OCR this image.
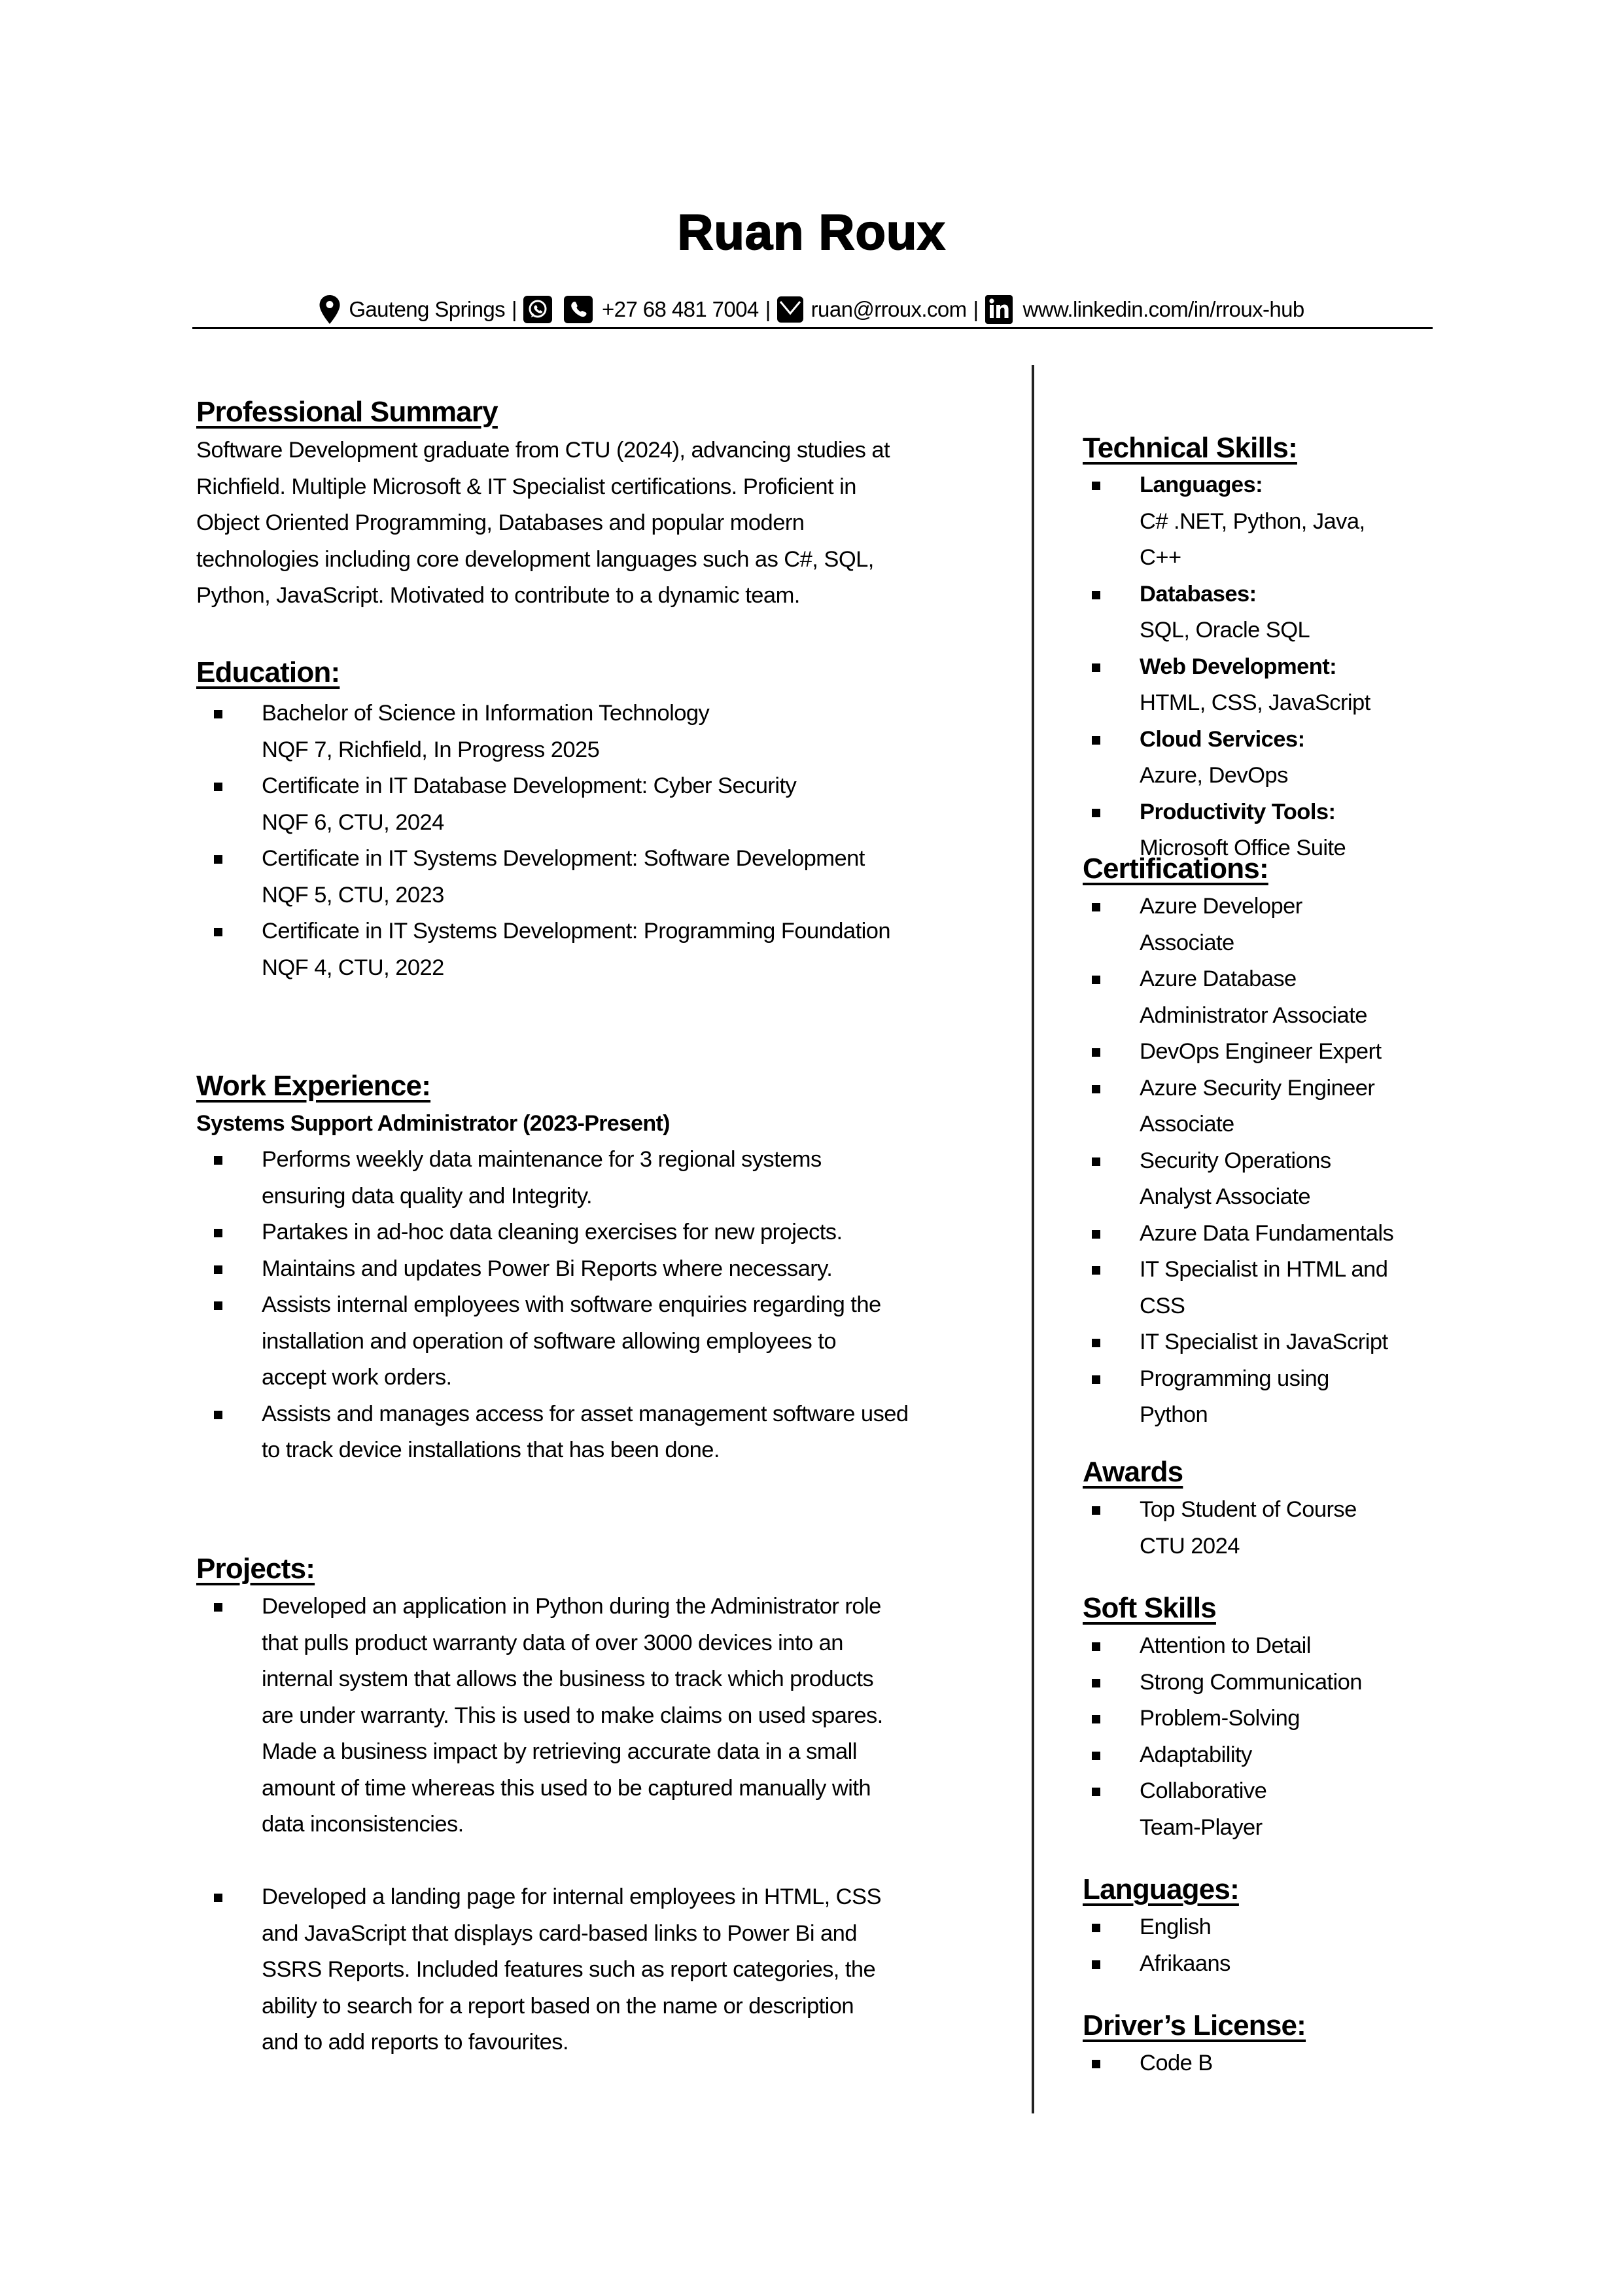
Ruan Roux
Gauteng Springs |	+27 68 481 7004 | ruan@rroux.com | www.linkedin.com/in/rroux-hub
Professional Summary
Software Development graduate from CTU (2024), advancing studies at
Richfield. Multiple Microsoft & IT Specialist certifications. Proficient in
Object Oriented Programming, Databases and popular modern
technologies including core development languages such as C#, SQL,
Python, JavaScript. Motivated to contribute to a dynamic team.
Education:
Bachelor of Science in Information Technology
NQF 7, Richfield, In Progress 2025
Certificate in IT Database Development: Cyber Security
NQF 6, CTU, 2024
Certificate in IT Systems Development: Software Development
NQF 5, CTU, 2023
Certificate in IT Systems Development: Programming Foundation
NQF 4, CTU, 2022
Work Experience:
Systems Support Administrator (2023-Present)
Performs weekly data maintenance for 3 regional systems
ensuring data quality and Integrity.
Partakes in ad-hoc data cleaning exercises for new projects.
Maintains and updates Power Bi Reports where necessary.
Assists internal employees with software enquiries regarding the
installation and operation of software allowing employees to
accept work orders.
Assists and manages access for asset management software used
to track device installations that has been done.
Projects:
Developed an application in Python during the Administrator role
that pulls product warranty data of over 3000 devices into an
internal system that allows the business to track which products
are under warranty. This is used to make claims on used spares.
Made a business impact by retrieving accurate data in a small
amount of time whereas this used to be captured manually with
data inconsistencies.
Developed a landing page for internal employees in HTML, CSS
and JavaScript that displays card-based links to Power Bi and
SSRS Reports. Included features such as report categories, the
ability to search for a report based on the name or description
and to add reports to favourites.
Technical Skills:
Languages:
C# .NET, Python, Java,
C++
Databases:
SQL, Oracle SQL
Web Development:
HTML, CSS, JavaScript
Cloud Services:
Azure, DevOps
Productivity Tools:
Microsoft Office Suite
Certifications:
Azure Developer
Associate
Azure Database
Administrator Associate
DevOps Engineer Expert
Azure Security Engineer
Associate
Security Operations
Analyst Associate
Azure Data Fundamentals
IT Specialist in HTML and
CSS
IT Specialist in JavaScript
Programming using
Python
Awards
Top Student of Course
CTU 2024
Soft Skills
Attention to Detail
Strong Communication
Problem-Solving
Adaptability
Collaborative
Team-Player
Languages:
English
Afrikaans
Driver’s License:
Code B
